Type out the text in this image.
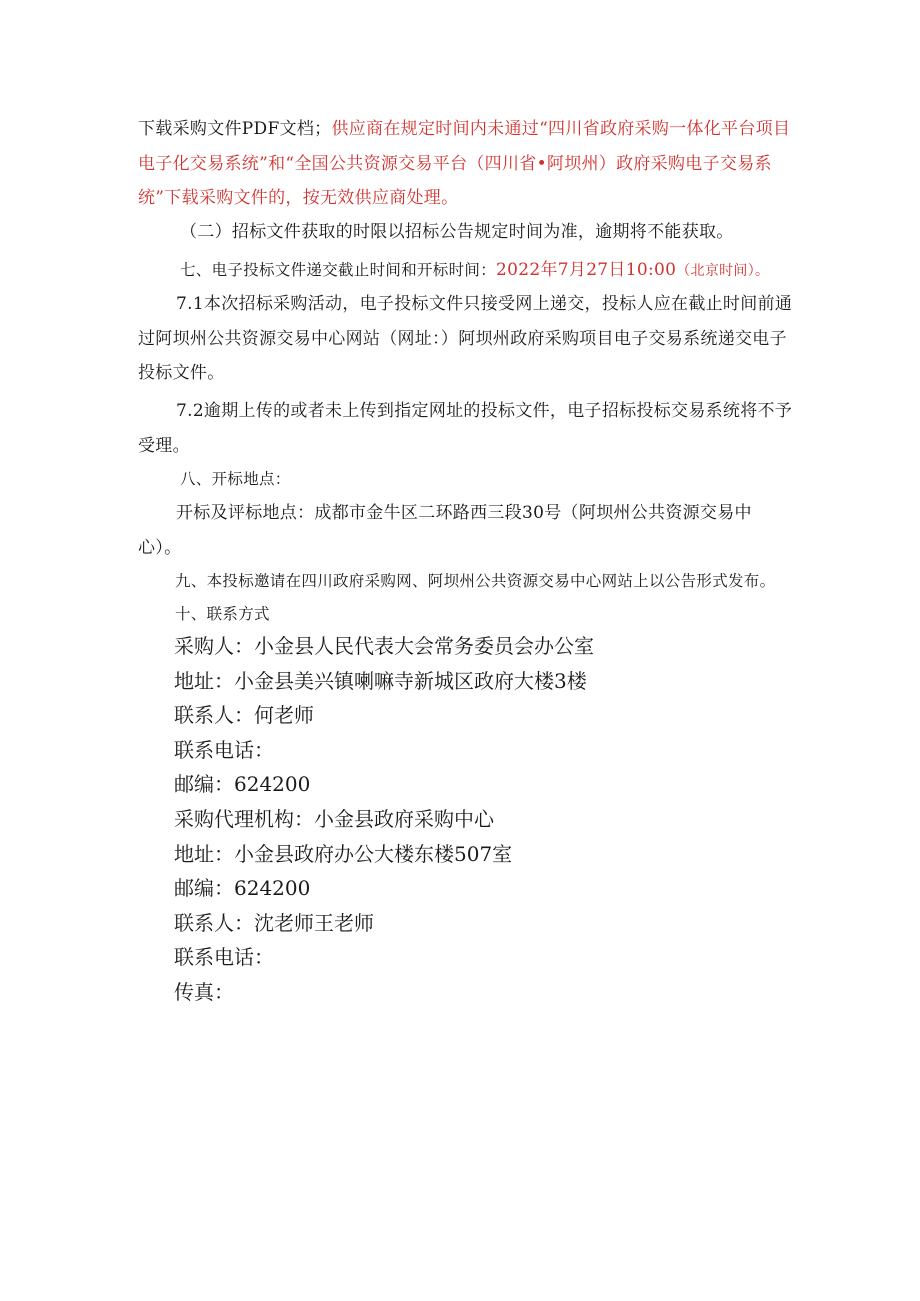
下载采购文件PDF文档；供应商在规定时间内未通过“四川省政府采购一体化平台项目电子化交易系统”和“全国公共资源交易平台（四川省•阿坝州）政府采购电子交易系统”下载采购文件的，按无效供应商处理。

（二）招标文件获取的时限以招标公告规定时间为准，逾期将不能获取。

七、电子投标文件递交截止时间和开标时间：2022年7月27日10:00（北京时间）。

7.1本次招标采购活动，电子投标文件只接受网上递交，投标人应在截止时间前通过阿坝州公共资源交易中心网站（网址：）阿坝州政府采购项目电子交易系统递交电子投标文件。

7.2逾期上传的或者未上传到指定网址的投标文件，电子招标投标交易系统将不予受理。

八、开标地点：

开标及评标地点：成都市金牛区二环路西三段30号（阿坝州公共资源交易中心）。

九、本投标邀请在四川政府采购网、阿坝州公共资源交易中心网站上以公告形式发布。十、联系方式

采购人：小金县人民代表大会常务委员会办公室
地址：小金县美兴镇喇嘛寺新城区政府大楼3楼
联系人：何老师
联系电话：
邮编：624200
采购代理机构：小金县政府采购中心
地址：小金县政府办公大楼东楼507室
邮编：624200
联系人：沈老师王老师
联系电话：
传真：
